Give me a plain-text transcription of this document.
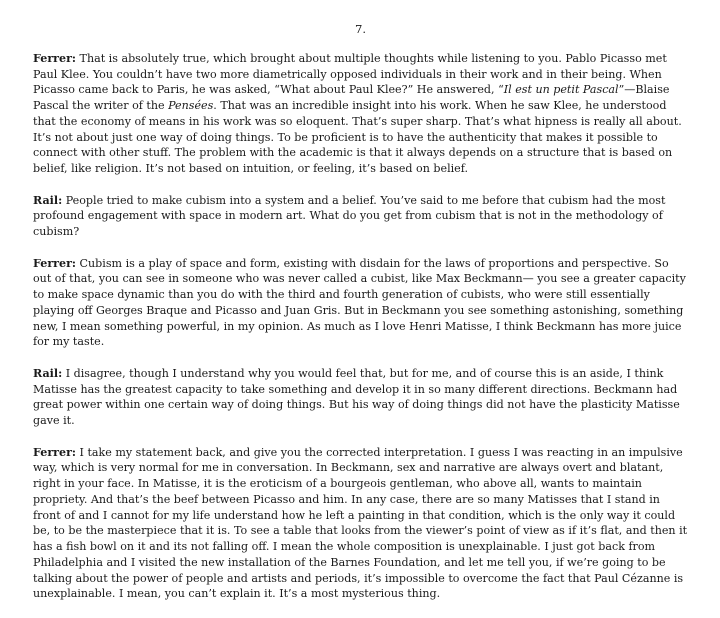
7.

Ferrer: That is absolutely true, which brought about multiple thoughts while listening to you. Pablo Picasso met Paul Klee. You couldn’t have two more diametrically opposed individuals in their work and in their being. When Picasso came back to Paris, he was asked, “What about Paul Klee?” He answered, “Il est un petit Pascal”—Blaise Pascal the writer of the Pensées. That was an incredible insight into his work. When he saw Klee, he understood that the economy of means in his work was so eloquent. That’s super sharp. That’s what hipness is really all about. It’s not about just one way of doing things. To be proficient is to have the authenticity that makes it possible to connect with other stuff. The problem with the academic is that it always depends on a structure that is based on belief, like religion. It’s not based on intuition, or feeling, it’s based on belief.

Rail: People tried to make cubism into a system and a belief. You’ve said to me before that cubism had the most profound engagement with space in modern art. What do you get from cubism that is not in the methodology of cubism?

Ferrer: Cubism is a play of space and form, existing with disdain for the laws of proportions and perspective. So out of that, you can see in someone who was never called a cubist, like Max Beckmann— you see a greater capacity to make space dynamic than you do with the third and fourth generation of cubists, who were still essentially playing off Georges Braque and Picasso and Juan Gris. But in Beckmann you see something astonishing, something new, I mean something powerful, in my opinion. As much as I love Henri Matisse, I think Beckmann has more juice for my taste.

Rail: I disagree, though I understand why you would feel that, but for me, and of course this is an aside, I think Matisse has the greatest capacity to take something and develop it in so many different directions. Beckmann had great power within one certain way of doing things. But his way of doing things did not have the plasticity Matisse gave it.

Ferrer: I take my statement back, and give you the corrected interpretation. I guess I was reacting in an impulsive way, which is very normal for me in conversation. In Beckmann, sex and narrative are always overt and blatant, right in your face. In Matisse, it is the eroticism of a bourgeois gentleman, who above all, wants to maintain propriety. And that’s the beef between Picasso and him. In any case, there are so many Matisses that I stand in front of and I cannot for my life understand how he left a painting in that condition, which is the only way it could be, to be the masterpiece that it is. To see a table that looks from the viewer’s point of view as if it’s flat, and then it has a fish bowl on it and its not falling off. I mean the whole composition is unexplainable. I just got back from Philadelphia and I visited the new installation of the Barnes Foundation, and let me tell you, if we’re going to be talking about the power of people and artists and periods, it’s impossible to overcome the fact that Paul Cézanne is unexplainable. I mean, you can’t explain it. It’s a most mysterious thing.
